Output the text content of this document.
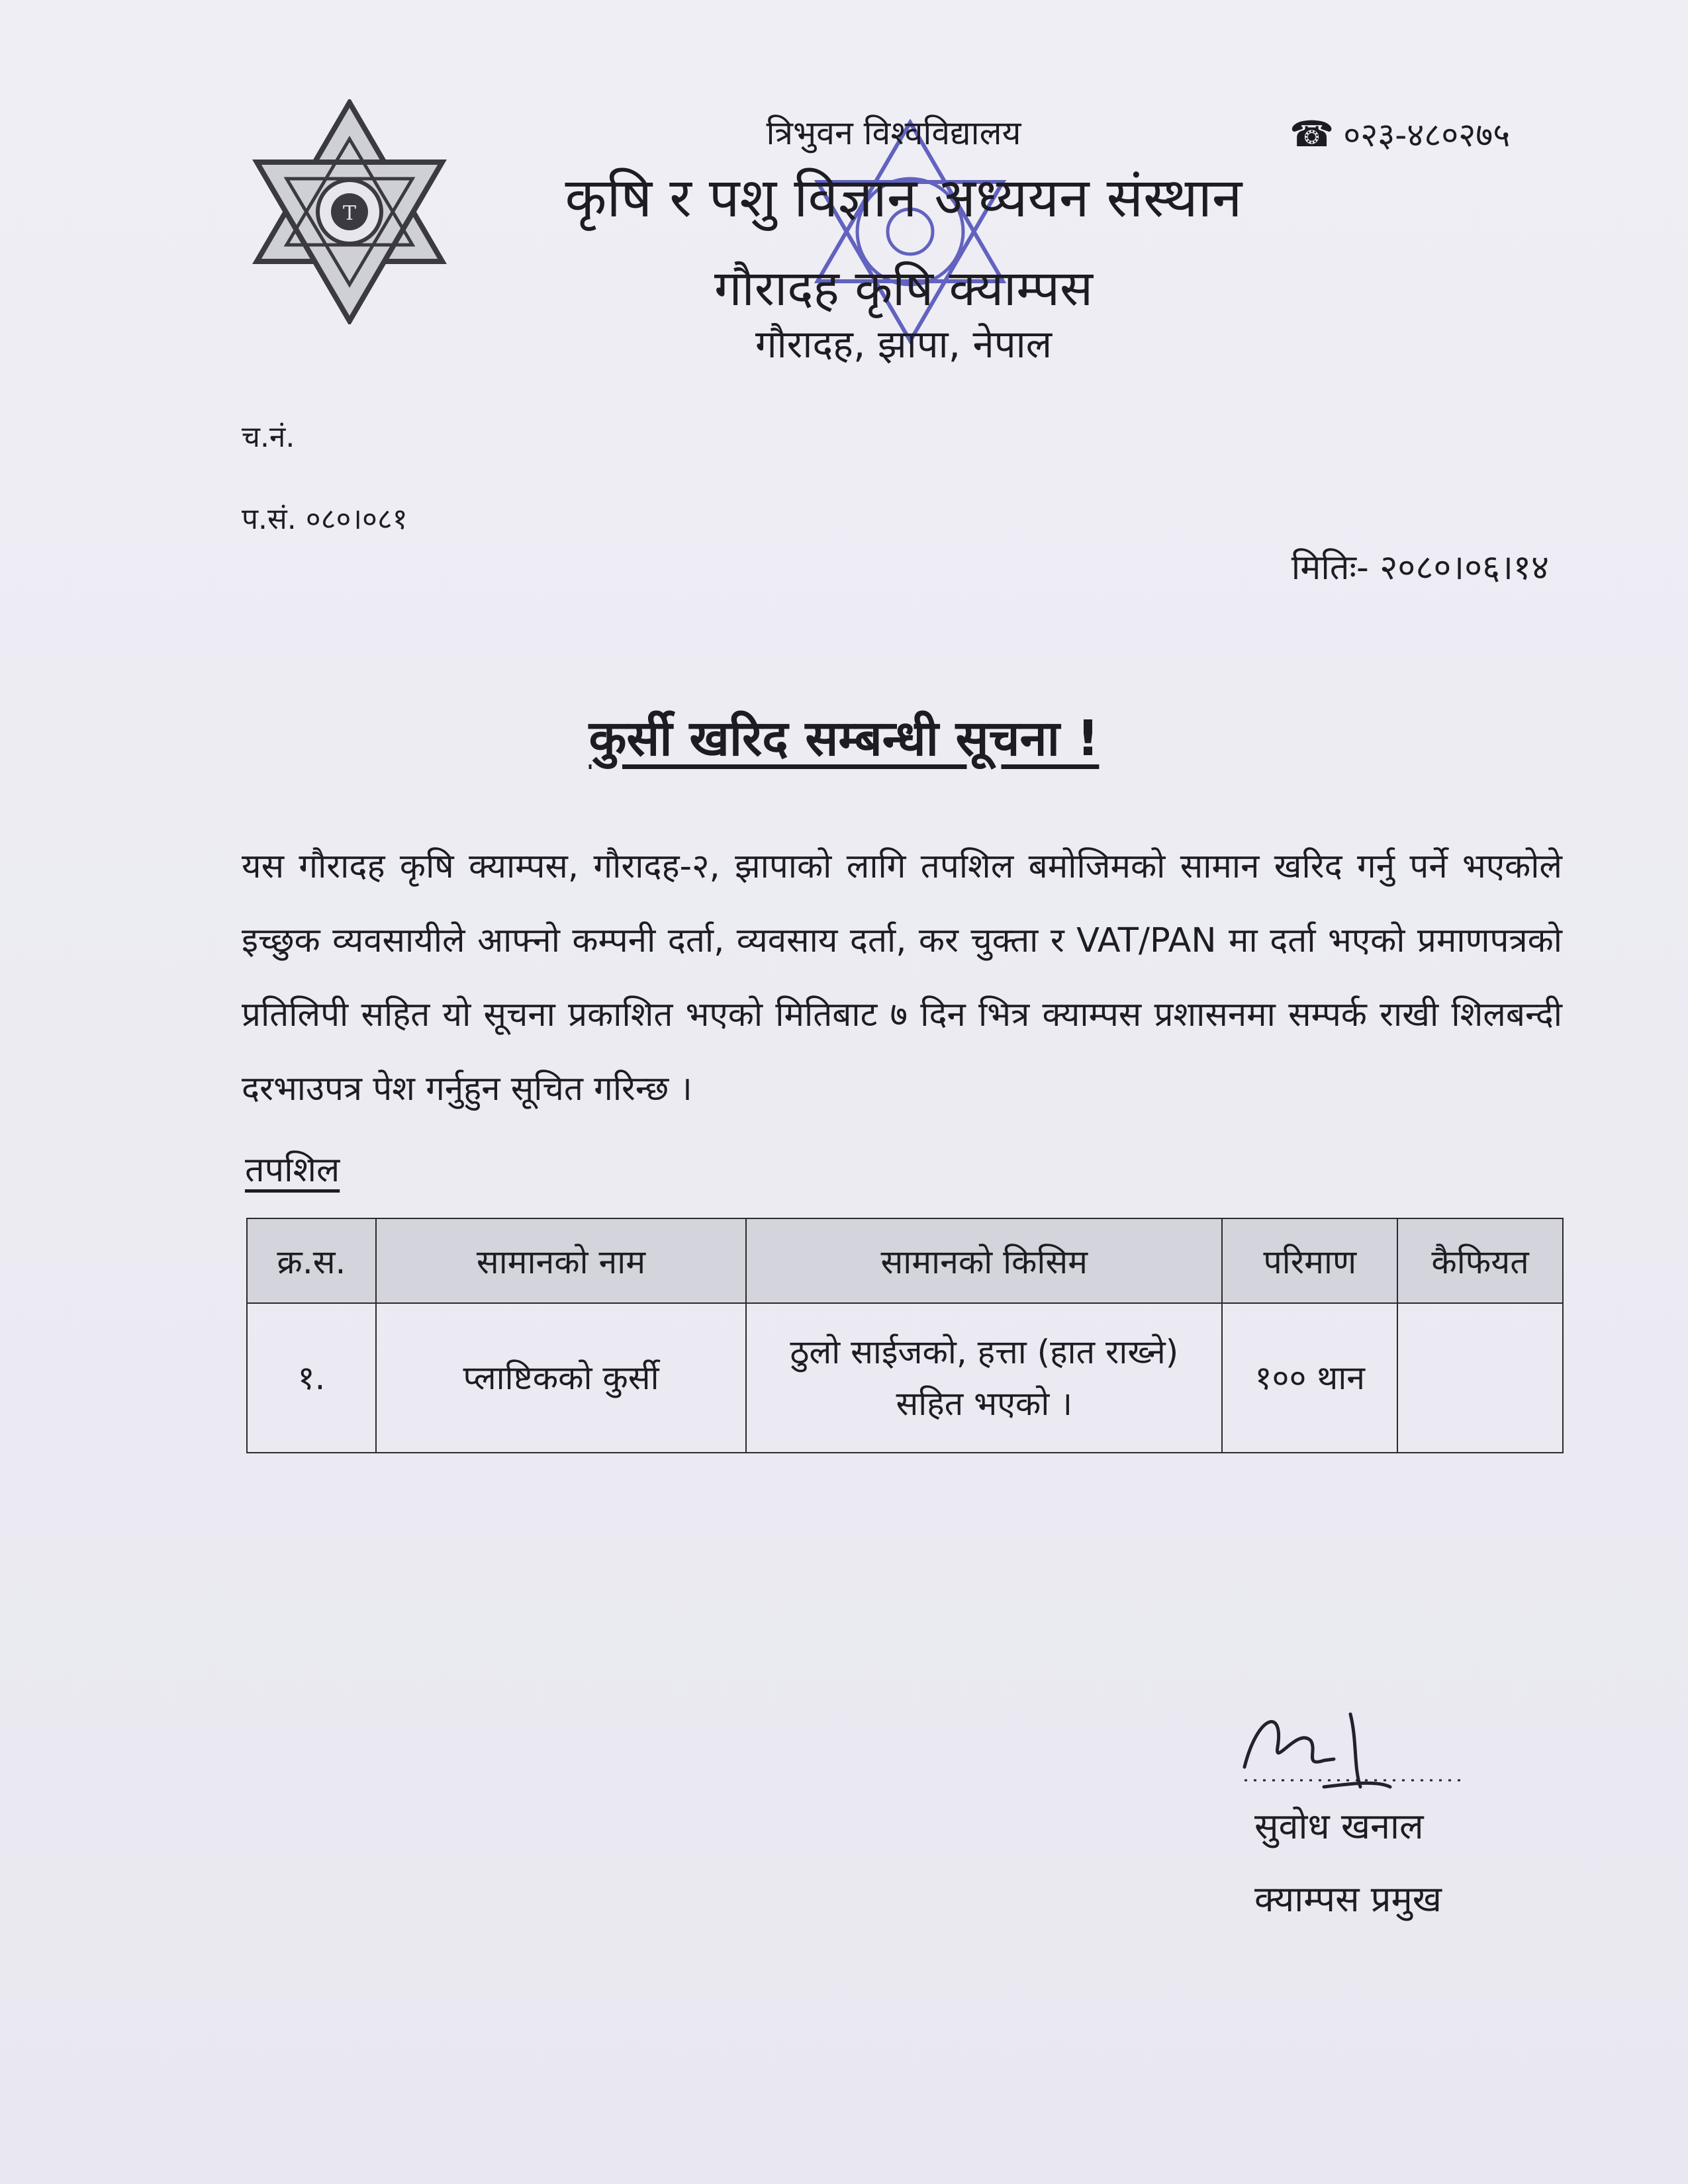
T
त्रिभुवन विश्वविद्यालय
कृषि र पशु विज्ञान अध्ययन संस्थान
गौरादह कृषि क्याम्पस
गौरादह, झापा, नेपाल
☎ ०२३-४८०२७५
च.नं.
प.सं. ०८०।०८१
मितिः- २०८०।०६।१४
कुर्सी खरिद सम्बन्धी सूचना !
यस गौरादह कृषि क्याम्पस, गौरादह-२, झापाको लागि तपशिल बमोजिमको सामान खरिद गर्नु पर्ने भएकोले इच्छुक व्यवसायीले आफ्नो कम्पनी दर्ता, व्यवसाय दर्ता, कर चुक्ता र VAT/PAN मा दर्ता भएको प्रमाणपत्रको प्रतिलिपी सहित यो सूचना प्रकाशित भएको मितिबाट ७ दिन भित्र क्याम्पस प्रशासनमा सम्पर्क राखी शिलबन्दी दरभाउपत्र पेश गर्नुहुन सूचित गरिन्छ ।
तपशिल
क्र.स.	सामानको नाम	सामानको किसिम	परिमाण	कैफियत
१.	प्लाष्टिकको कुर्सी	ठुलो साईजको, हत्ता (हात राख्ने) सहित भएको ।	१०० थान	
सुवोध खनाल
क्याम्पस प्रमुख
